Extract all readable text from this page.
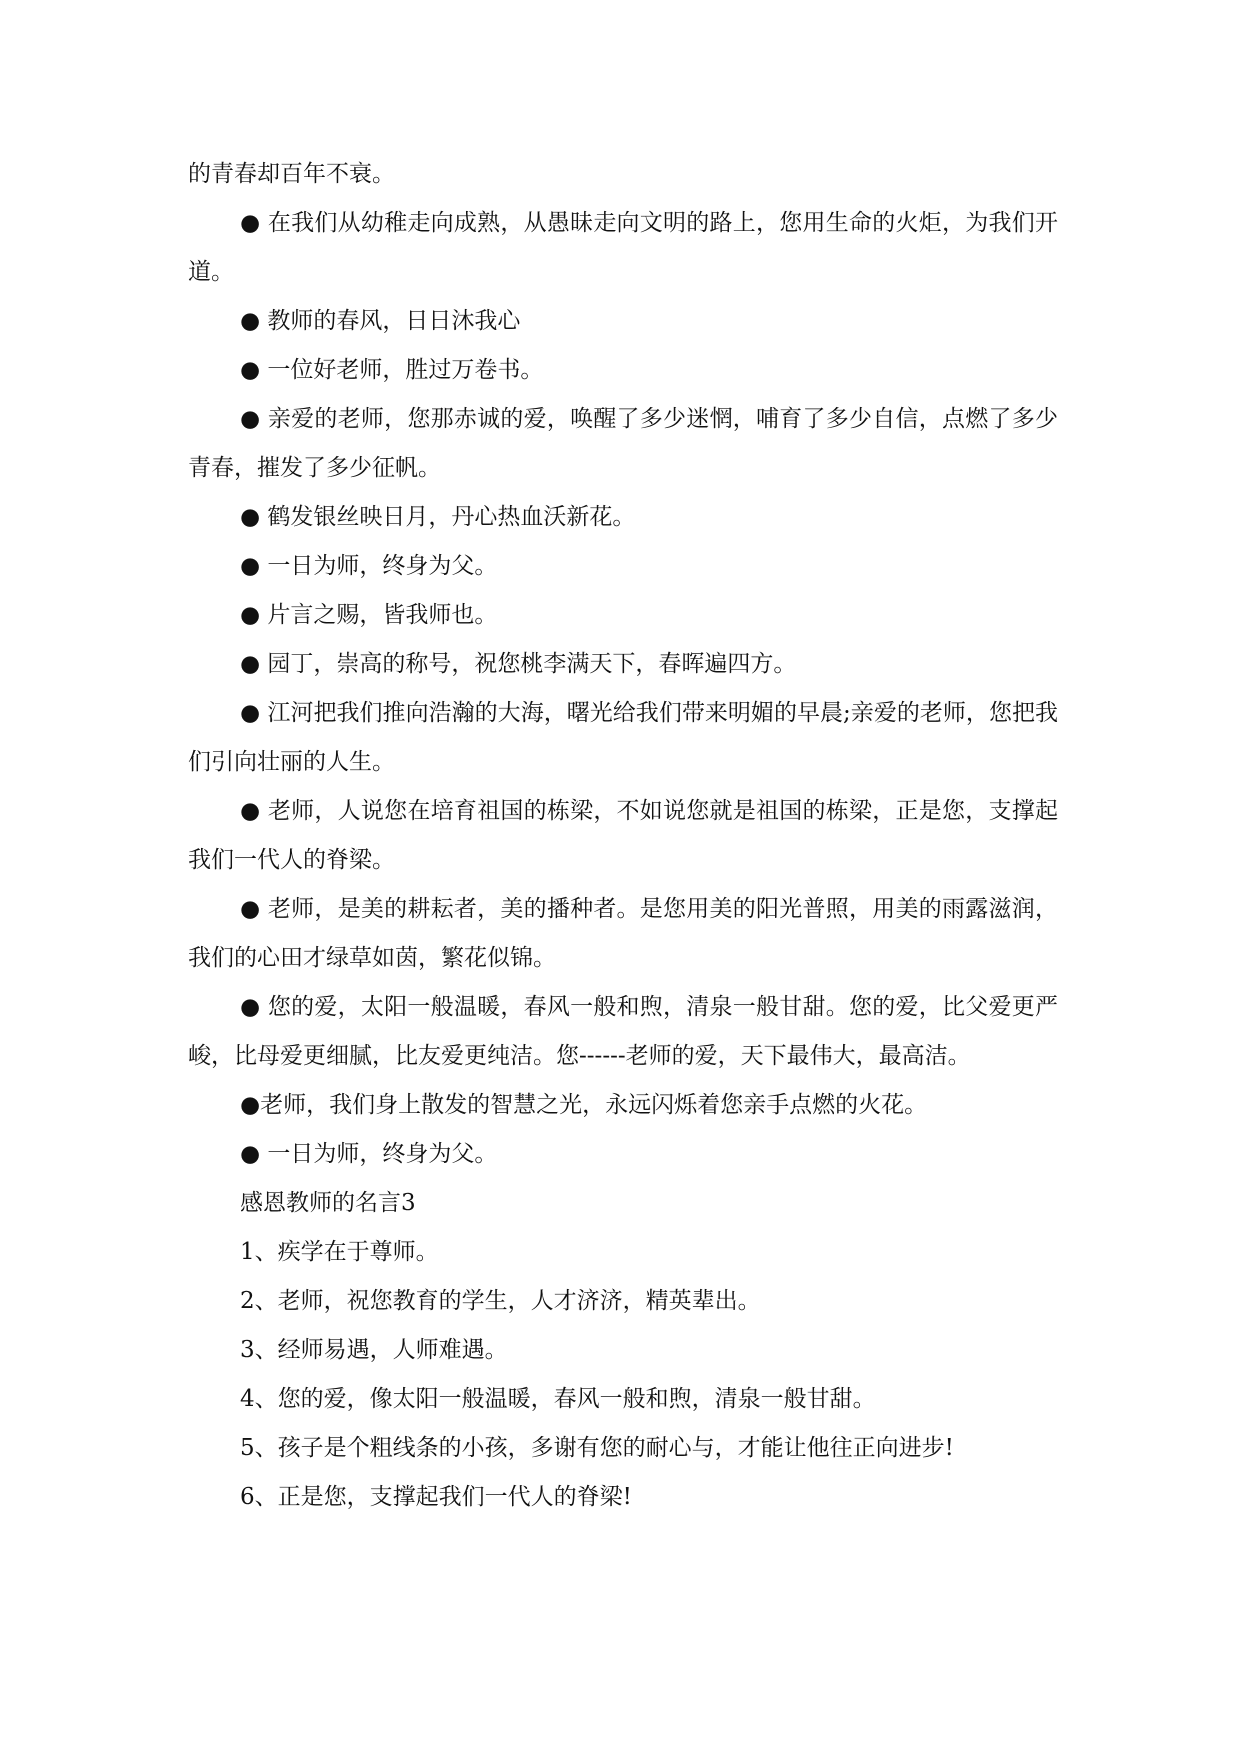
的青春却百年不衰。

● 在我们从幼稚走向成熟，从愚昧走向文明的路上，您用生命的火炬，为我们开道。

● 教师的春风，日日沐我心

● 一位好老师，胜过万卷书。

● 亲爱的老师，您那赤诚的爱，唤醒了多少迷惘，哺育了多少自信，点燃了多少青春，摧发了多少征帆。

● 鹤发银丝映日月，丹心热血沃新花。

● 一日为师，终身为父。

● 片言之赐，皆我师也。

● 园丁，崇高的称号，祝您桃李满天下，春晖遍四方。

● 江河把我们推向浩瀚的大海，曙光给我们带来明媚的早晨;亲爱的老师，您把我们引向壮丽的人生。

● 老师，人说您在培育祖国的栋梁，不如说您就是祖国的栋梁，正是您，支撑起我们一代人的脊梁。

● 老师，是美的耕耘者，美的播种者。是您用美的阳光普照，用美的雨露滋润，我们的心田才绿草如茵，繁花似锦。

● 您的爱，太阳一般温暖，春风一般和煦，清泉一般甘甜。您的爱，比父爱更严峻，比母爱更细腻，比友爱更纯洁。您------老师的爱，天下最伟大，最高洁。

●老师，我们身上散发的智慧之光，永远闪烁着您亲手点燃的火花。

● 一日为师，终身为父。

感恩教师的名言3

1、疾学在于尊师。

2、老师，祝您教育的学生，人才济济，精英辈出。

3、经师易遇，人师难遇。

4、您的爱，像太阳一般温暖，春风一般和煦，清泉一般甘甜。

5、孩子是个粗线条的小孩，多谢有您的耐心与，才能让他往正向进步!

6、正是您，支撑起我们一代人的脊梁!
